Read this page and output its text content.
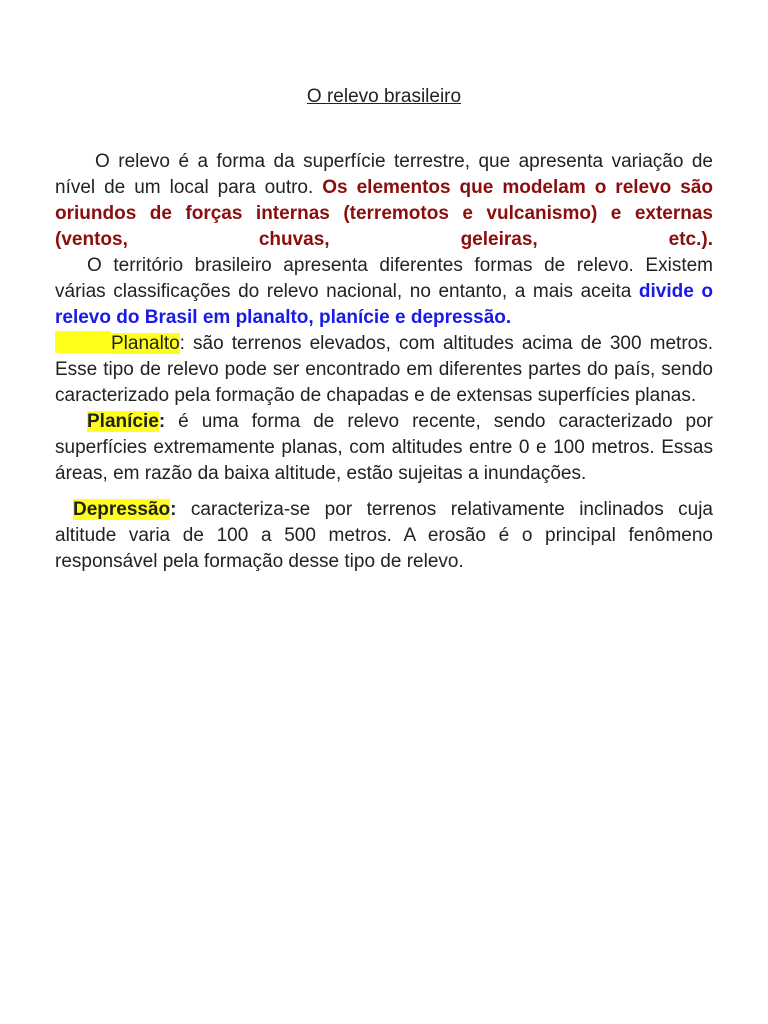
O relevo brasileiro

O relevo é a forma da superfície terrestre, que apresenta variação de nível de um local para outro. Os elementos que modelam o relevo são oriundos de forças internas (terremotos e vulcanismo) e externas (ventos, chuvas, geleiras, etc.).

O território brasileiro apresenta diferentes formas de relevo. Existem várias classificações do relevo nacional, no entanto, a mais aceita divide o relevo do Brasil em planalto, planície e depressão.

Planalto: são terrenos elevados, com altitudes acima de 300 metros. Esse tipo de relevo pode ser encontrado em diferentes partes do país, sendo caracterizado pela formação de chapadas e de extensas superfícies planas.

Planície: é uma forma de relevo recente, sendo caracterizado por superfícies extremamente planas, com altitudes entre 0 e 100 metros. Essas áreas, em razão da baixa altitude, estão sujeitas a inundações.

Depressão: caracteriza-se por terrenos relativamente inclinados cuja altitude varia de 100 a 500 metros. A erosão é o principal fenômeno responsável pela formação desse tipo de relevo.
